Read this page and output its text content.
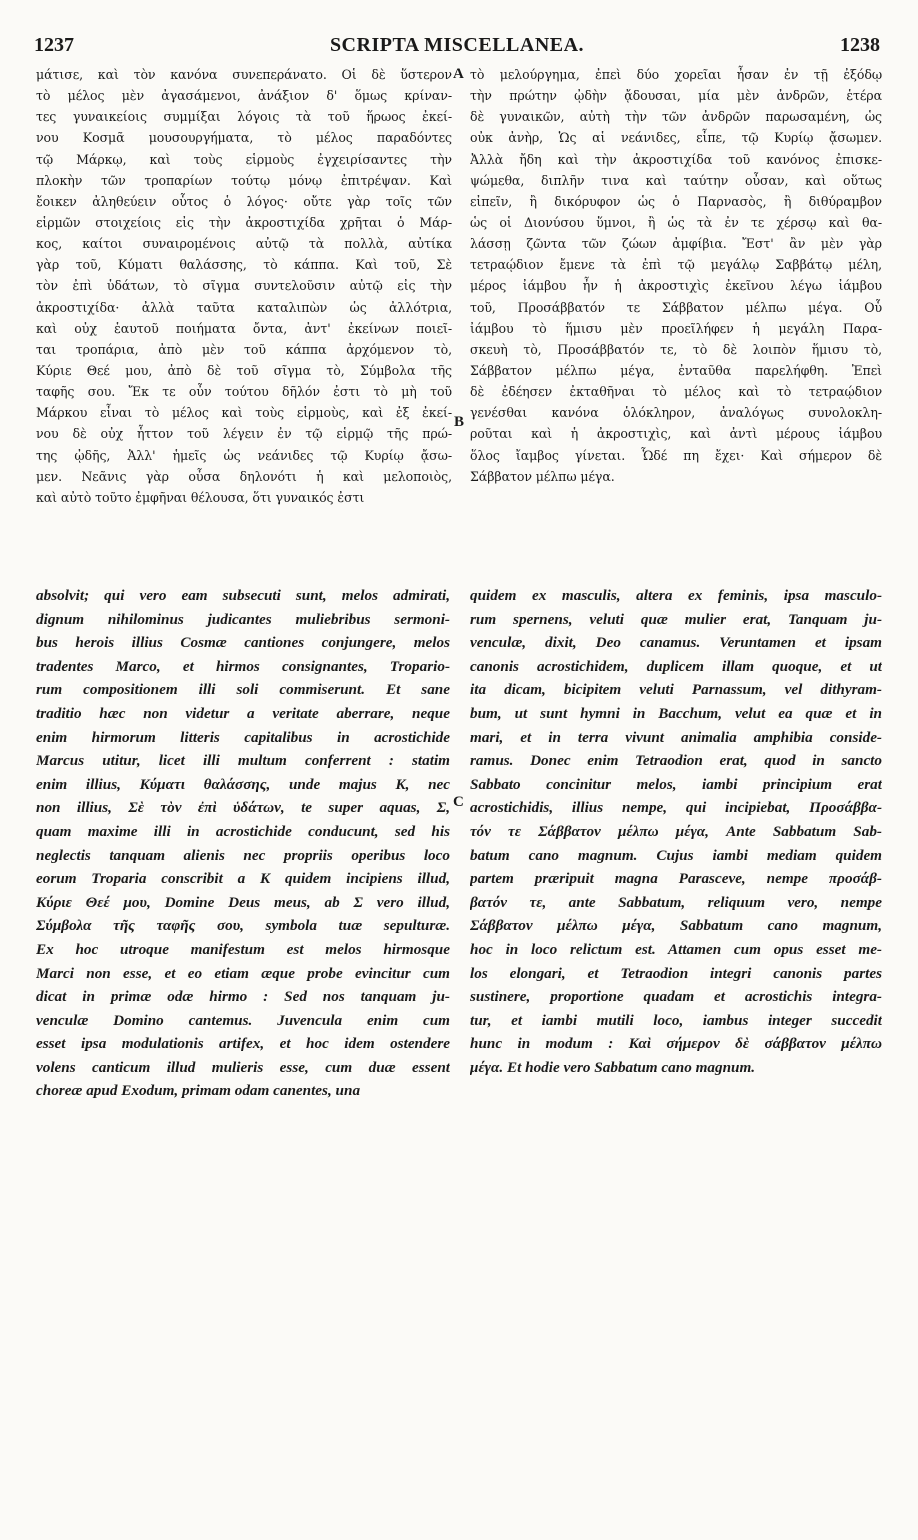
1237	SCRIPTA MISCELLANEA.	1238
μάτισε, καὶ τὸν κανόνα συνεπεράνατο. Οἱ δὲ ὕστερον
τὸ μέλος μὲν ἀγασάμενοι, ἀνάξιον δ' ὅμως κρίναν-
τες γυναικείοις συμμίξαι λόγοις τὰ τοῦ ἥρωος ἐκεί-
νου Κοσμᾶ μουσουργήματα, τὸ μέλος παραδόντες
τῷ Μάρκῳ, καὶ τοὺς εἱρμοὺς ἐγχειρίσαντες τὴν
πλοκὴν τῶν τροπαρίων τούτῳ μόνῳ ἐπιτρέψαν. Καὶ
ἔοικεν ἀληθεύειν οὗτος ὁ λόγος· οὔτε γὰρ τοῖς τῶν
εἱρμῶν στοιχείοις εἰς τὴν ἀκροστιχίδα χρῆται ὁ Μάρ-
κος, καίτοι συναιρομένοις αὐτῷ τὰ πολλὰ, αὐτίκα
γὰρ τοῦ, Κύματι θαλάσσης, τὸ κάππα. Καὶ τοῦ, Σὲ
τὸν ἐπὶ ὑδάτων, τὸ σῖγμα συντελοῦσιν αὐτῷ εἰς τὴν
ἀκροστιχίδα· ἀλλὰ ταῦτα καταλιπὼν ὡς ἀλλότρια,
καὶ οὐχ ἑαυτοῦ ποιήματα ὄντα, ἀντ' ἐκείνων ποιεῖ-
ται τροπάρια, ἀπὸ μὲν τοῦ κάππα ἀρχόμενον τὸ,
Κύριε Θεέ μου, ἀπὸ δὲ τοῦ σῖγμα τὸ, Σύμβολα τῆς
ταφῆς σου. Ἔκ τε οὖν τούτου δῆλόν ἐστι τὸ μὴ τοῦ
Μάρκου εἶναι τὸ μέλος καὶ τοὺς εἱρμοὺς, καὶ ἐξ ἐκεί-
νου δὲ οὐχ ἧττον τοῦ λέγειν ἐν τῷ εἱρμῷ τῆς πρώ-
της ᾠδῆς, Ἀλλ' ἡμεῖς ὡς νεάνιδες τῷ Κυρίῳ ᾄσω-
μεν. Νεᾶνις γὰρ οὖσα δηλονότι ἡ καὶ μελοποιὸς,
καὶ αὐτὸ τοῦτο ἐμφῆναι θέλουσα, ὅτι γυναικός ἐστι
τὸ μελούργημα, ἐπεὶ δύο χορεῖαι ἦσαν ἐν τῇ ἐξόδῳ
τὴν πρώτην ᾠδὴν ᾄδουσαι, μία μὲν ἀνδρῶν, ἑτέρα
δὲ γυναικῶν, αὐτὴ τὴν τῶν ἀνδρῶν παρωσαμένη, ὡς
οὐκ ἀνὴρ, Ὡς αἱ νεάνιδες, εἶπε, τῷ Κυρίῳ ᾄσωμεν.
Ἀλλὰ ἤδη καὶ τὴν ἀκροστιχίδα τοῦ κανόνος ἐπισκε-
ψώμεθα, διπλῆν τινα καὶ ταύτην οὖσαν, καὶ οὕτως
εἰπεῖν, ἢ δικόρυφον ὡς ὁ Παρνασὸς, ἢ διθύραμβον
ὡς οἱ Διονύσου ὕμνοι, ἢ ὡς τὰ ἐν τε χέρσῳ καὶ θα-
λάσσῃ ζῶντα τῶν ζώων ἀμφίβια. Ἔστ' ἂν μὲν γὰρ
τετραῴδιον ἔμενε τὰ ἐπὶ τῷ μεγάλῳ Σαββάτῳ μέλη,
μέρος ἰάμβου ἦν ἡ ἀκροστιχὶς ἐκεῖνου λέγω ἰάμβου
τοῦ, Προσάββατόν τε Σάββατον μέλπω μέγα. Οὗ
ἰάμβου τὸ ἥμισυ μὲν προεῖλήφεν ἡ μεγάλη Παρα-
σκευὴ τὸ, Προσάββατόν τε, τὸ δὲ λοιπὸν ἥμισυ τὸ,
Σάββατον μέλπω μέγα, ἐνταῦθα παρελήφθη. Ἐπεὶ
δὲ ἐδέησεν ἐκταθῆναι τὸ μέλος καὶ τὸ τετραῴδιον
γενέσθαι κανόνα ὁλόκληρον, ἀναλόγως συνολοκλη-
ροῦται καὶ ἡ ἀκροστιχὶς, καὶ ἀντὶ μέρους ἰάμβου
ὅλος ἴαμβος γίνεται. Ὧδέ πη ἔχει· Καὶ σήμερον δὲ
Σάββατον μέλπω μέγα.
A
B
absolvit; qui vero eam subsecuti sunt, melos admirati,
dignum nihilominus judicantes muliebribus sermoni-
bus herois illius Cosmæ cantiones conjungere, melos
tradentes Marco, et hirmos consignantes, Tropario-
rum compositionem illi soli commiserunt. Et sane
traditio hæc non videtur a veritate aberrare, neque
enim hirmorum litteris capitalibus in acrostichide
Marcus utitur, licet illi multum conferrent : statim
enim illius, Κύματι θαλάσσης, unde majus K, nec
non illius, Σὲ τὸν ἐπὶ ὑδάτων, te super aquas, Σ,
quam maxime illi in acrostichide conducunt, sed his
neglectis tanquam alienis nec propriis operibus loco
eorum Troparia conscribit a K quidem incipiens illud,
Κύριε Θεέ μου, Domine Deus meus, ab Σ vero illud,
Σύμβολα τῆς ταφῆς σου, symbola tuæ sepulturæ.
Ex hoc utroque manifestum est melos hirmosque
Marci non esse, et eo etiam æque probe evincitur cum
dicat in primæ odæ hirmo : Sed nos tanquam ju-
venculæ Domino cantemus. Juvencula enim cum
esset ipsa modulationis artifex, et hoc idem ostendere
volens canticum illud mulieris esse, cum duæ essent
choreæ apud Exodum, primam odam canentes, una
quidem ex masculis, altera ex feminis, ipsa masculo-
rum spernens, veluti quæ mulier erat, Tanquam ju-
venculæ, dixit, Deo canamus. Veruntamen et ipsam
canonis acrostichidem, duplicem illam quoque, et ut
ita dicam, bicipitem veluti Parnassum, vel dithyram-
bum, ut sunt hymni in Bacchum, velut ea quæ et in
mari, et in terra vivunt animalia amphibia conside-
ramus. Donec enim Tetraodion erat, quod in sancto
Sabbato concinitur melos, iambi principium erat
acrostichidis, illius nempe, qui incipiebat, Προσάββα-
τόν τε Σάββατον μέλπω μέγα, Ante Sabbatum Sab-
batum cano magnum. Cujus iambi mediam quidem
partem præripuit magna Parasceve, nempe προσάβ-
βατόν τε, ante Sabbatum, reliquum vero, nempe
Σάββατον μέλπω μέγα, Sabbatum cano magnum,
hoc in loco relictum est. Attamen cum opus esset me-
los elongari, et Tetraodion integri canonis partes
sustinere, proportione quadam et acrostichis integra-
tur, et iambi mutili loco, iambus integer succedit
hunc in modum : Καὶ σήμερον δὲ σάββατον μέλπω
μέγα. Et hodie vero Sabbatum cano magnum.
C
